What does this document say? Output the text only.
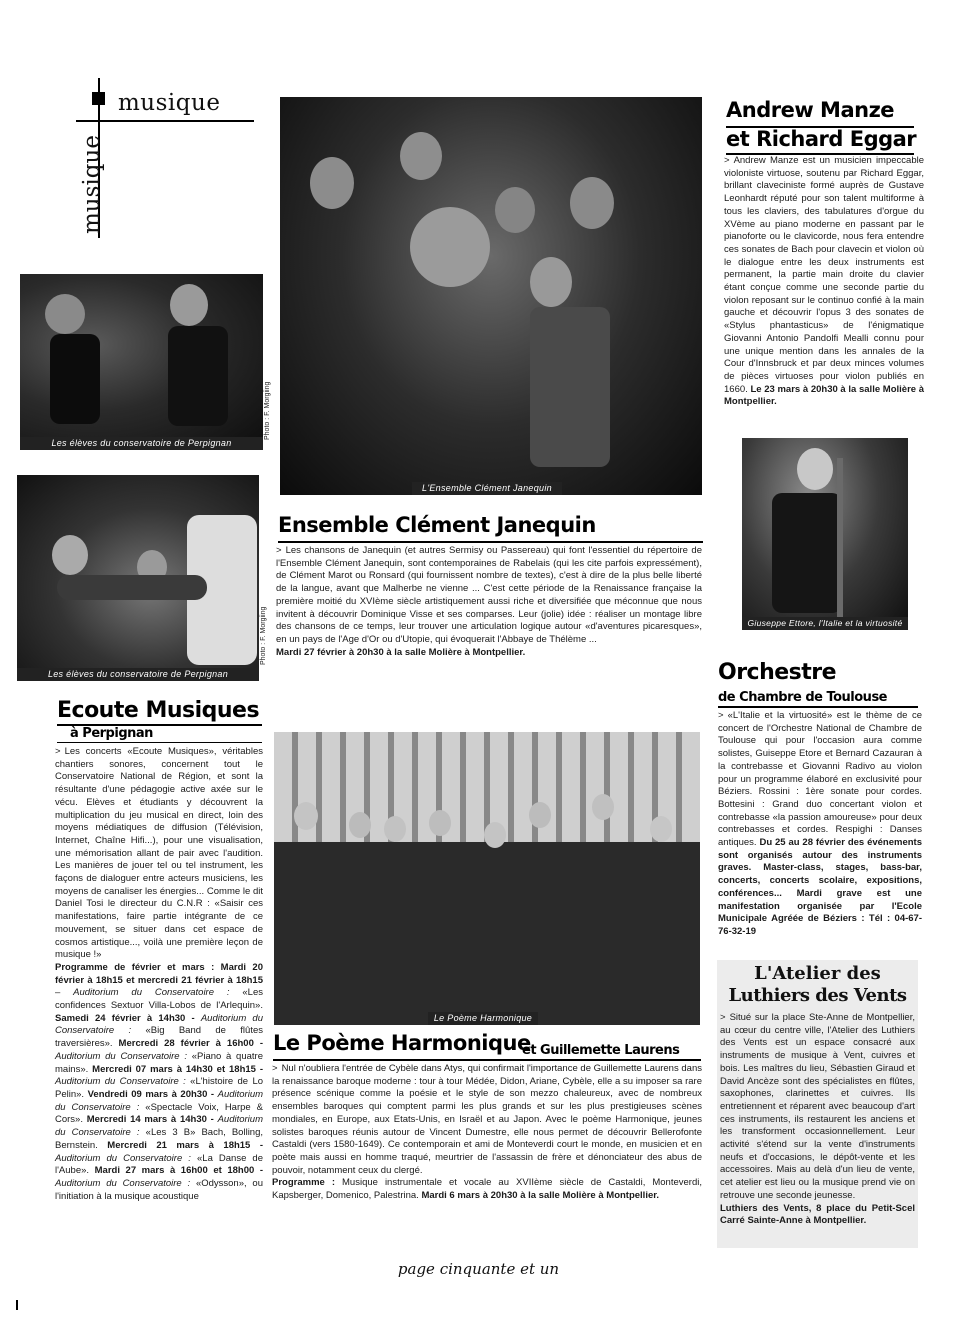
musique
musique
Les élèves du conservatoire de Perpignan
Photo : F. Morgiing
Les élèves du conservatoire de Perpignan
Photo : F. Morgiing
L'Ensemble Clément Janequin
Andrew Manze
et Richard Eggar

> Andrew Manze est un musicien impeccable violoniste virtuose, soutenu par Richard Eggar, brillant claveciniste formé auprès de Gustave Leonhardt réputé pour son talent multiforme à tous les claviers, des tabulatures d'orgue du XVème au piano moderne en passant par le pianoforte ou le clavicorde, nous fera entendre ces sonates de Bach pour clavecin et violon où le dialogue entre les deux instruments est permanent, la partie main droite du clavier étant conçue comme une seconde partie du violon reposant sur le continuo confié à la main gauche et découvrir l'opus 3 des sonates de «Stylus phantasticus» de l'énigmatique Giovanni Antonio Pandolfi Mealli connu pour une unique mention dans les annales de la Cour d'Innsbruck et par deux minces volumes de pièces virtuoses pour violon publiés en 1660. Le 23 mars à 20h30 à la salle Molière à Montpellier.

Giuseppe Ettore, l'Italie et la virtuosité
Orchestre
de Chambre de Toulouse

> «L'Italie et la virtuosité» est le thème de ce concert de l'Orchestre National de Chambre de Toulouse qui pour l'occasion aura comme solistes, Guiseppe Etore et Bernard Cazauran à la contrebasse et Giovanni Radivo au violon pour un programme élaboré en exclusivité pour Béziers. Rossini : 1ère sonate pour cordes. Bottesini : Grand duo concertant violon et contrebasse «la passion amoureuse» pour deux contrebasses et cordes. Respighi : Danses antiques. Du 25 au 28 février des événements sont organisés autour des instruments graves. Master-class, stages, bass-bar, concerts, concerts scolaire, expositions, conférences... Mardi grave est une manifestation organisée par l'Ecole Municipale Agréée de Béziers : Tél : 04-67-76-32-19

Ensemble Clément Janequin

> Les chansons de Janequin (et autres Sermisy ou Passereau) qui font l'essentiel du répertoire de l'Ensemble Clément Janequin, sont contemporaines de Rabelais (qui les cite parfois expressément), de Clément Marot ou Ronsard (qui fournissent nombre de textes), c'est à dire de la plus belle liberté de la langue, avant que Malherbe ne vienne ... C'est cette période de la Renaissance française la première moitié du XVIème siècle artistiquement aussi riche et diversifiée que méconnue que nous invitent à découvrir Dominique Visse et ses comparses. Leur (jolie) idée : réaliser un montage libre des chansons de ce temps, leur trouver une articulation logique autour «d'aventures picaresques», en un pays de l'Age d'Or ou d'Utopie, qui évoquerait l'Abbaye de Thélème ...

Mardi 27 février à 20h30 à la salle Molière à Montpellier.

Ecoute Musiques
à Perpignan

> Les concerts «Ecoute Musiques», véritables chantiers sonores, concernent tout le Conservatoire National de Région, et sont la résultante d'une pédagogie active axée sur le vécu. Elèves et étudiants y découvrent la multiplication du jeu musical en direct, loin des moyens médiatiques de diffusion (Télévision, Internet, Chaîne Hifi...), pour une visualisation, une mémorisation allant de pair avec l'audition. Les manières de jouer tel ou tel instrument, les façons de dialoguer entre acteurs musiciens, les moyens de canaliser les énergies... Comme le dit Daniel Tosi le directeur du C.N.R : «Saisir ces manifestations, faire partie intégrante de ce mouvement, se situer dans cet espace de cosmos artistique..., voilà une première leçon de musique !»

Programme de février et mars : Mardi 20 février à 18h15 et mercredi 21 février à 18h15 – Auditorium du Conservatoire : «Les confidences Sextuor Villa-Lobos de l'Arlequin». Samedi 24 février à 14h30 - Auditorium du Conservatoire : «Big Band de flûtes traversières». Mercredi 28 février à 16h00 - Auditorium du Conservatoire : «Piano à quatre mains». Mercredi 07 mars à 14h30 et 18h15 - Auditorium du Conservatoire : «L'histoire de Lo Pelin». Vendredi 09 mars à 20h30 - Auditorium du Conservatoire : «Spectacle Voix, Harpe & Cors». Mercredi 14 mars à 14h30 - Auditorium du Conservatoire : «Les 3 B» Bach, Bolling, Bernstein. Mercredi 21 mars à 18h15 - Auditorium du Conservatoire : «La Danse de l'Aube». Mardi 27 mars à 16h00 et 18h00 - Auditorium du Conservatoire : «Odysson», ou l'initiation à la musique acoustique

Le Poème Harmonique
Le Poème Harmonique
et Guillemette Laurens

> Nul n'oubliera l'entrée de Cybèle dans Atys, qui confirmait l'importance de Guillemette Laurens dans la renaissance baroque moderne : tour à tour Médée, Didon, Ariane, Cybèle, elle a su imposer sa rare présence scénique comme la poésie et le style de son mezzo chaleureux, avec de nombreux ensembles baroques qui comptent parmi les plus grands et sur les plus prestigieuses scènes mondiales, en Europe, aux Etats-Unis, en Israël et au Japon. Avec le poème Harmonique, jeunes solistes baroques réunis autour de Vincent Dumestre, elle nous permet de découvrir Bellerofonte Castaldi (vers 1580-1649). Ce contemporain et ami de Monteverdi court le monde, en musicien et en poète mais aussi en homme traqué, meurtrier de l'assassin de frère et dénonciateur des abus de pouvoir, notamment ceux du clergé.

Programme : Musique instrumentale et vocale au XVIIème siècle de Castaldi, Monteverdi, Kapsberger, Domenico, Palestrina. Mardi 6 mars à 20h30 à la salle Molière à Montpellier.

L'Atelier des
Luthiers des Vents

> Situé sur la place Ste-Anne de Montpellier, au cœur du centre ville, l'Atelier des Luthiers des Vents est un espace consacré aux instruments de musique à Vent, cuivres et bois. Les maîtres du lieu, Sébastien Giraud et David Ancèze sont des spécialistes en flûtes, saxophones, clarinettes et cuivres. Ils entretiennent et réparent avec beaucoup d'art ces instruments, ils restaurent les anciens et les transforment occasionnellement. Leur activité s'étend sur la vente d'instruments neufs et d'occasions, le dépôt-vente et les accessoires. Mais au delà d'un lieu de vente, cet atelier est lieu ou la musique prend vie on retrouve une seconde jeunesse.

Luthiers des Vents, 8 place du Petit-Scel Carré Sainte-Anne à Montpellier.

page cinquante et un
